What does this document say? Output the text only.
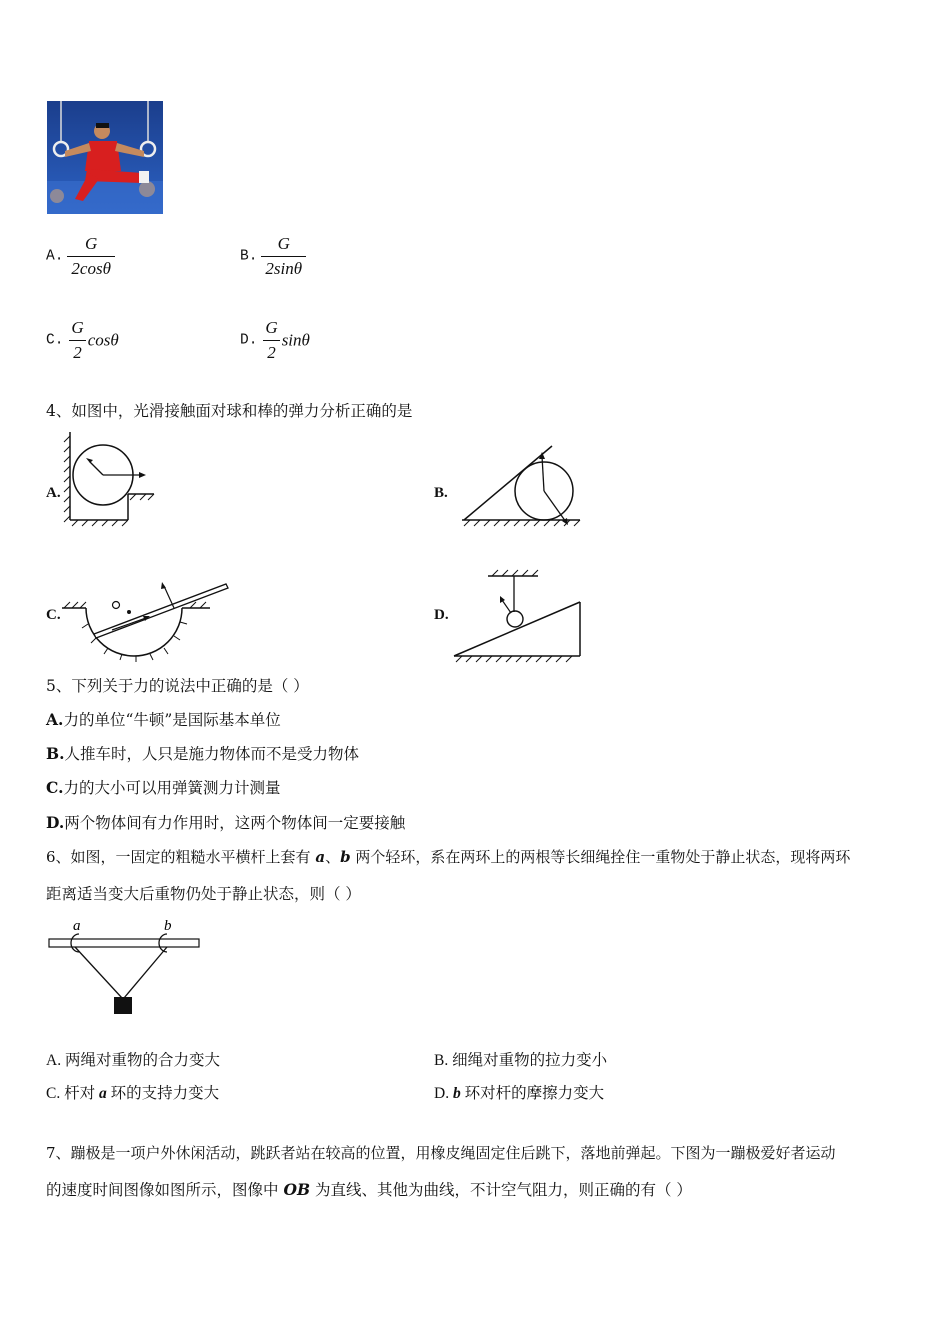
A. $\frac{G}{2\cos\theta}$	B. $\frac{G}{2\sin\theta}$
C. $\frac{G}{2}$ cosθ	D. $\frac{G}{2}$ sinθ
4、如图中，光滑接触面对球和棒的弹力分析正确的是
A.	B.
C.	D.
5、下列关于力的说法中正确的是（ ）
A.力的单位“牛顿”是国际基本单位
B.人推车时，人只是施力物体而不是受力物体
C.力的大小可以用弹簧测力计测量
D.两个物体间有力作用时，这两个物体间一定要接触
6、如图，一固定的粗糙水平横杆上套有 a、b 两个轻环，系在两环上的两根等长细绳拴住一重物处于静止状态，现将两环
距离适当变大后重物仍处于静止状态，则（ ）
a	b
A. 两绳对重物的合力变大	B. 细绳对重物的拉力变小
C. 杆对 a 环的支持力变大	D. b 环对杆的摩擦力变大
7、蹦极是一项户外休闲活动，跳跃者站在较高的位置，用橡皮绳固定住后跳下，落地前弹起。下图为一蹦极爱好者运动
的速度时间图像如图所示，图像中 OB 为直线、其他为曲线，不计空气阻力，则正确的有（ ）
